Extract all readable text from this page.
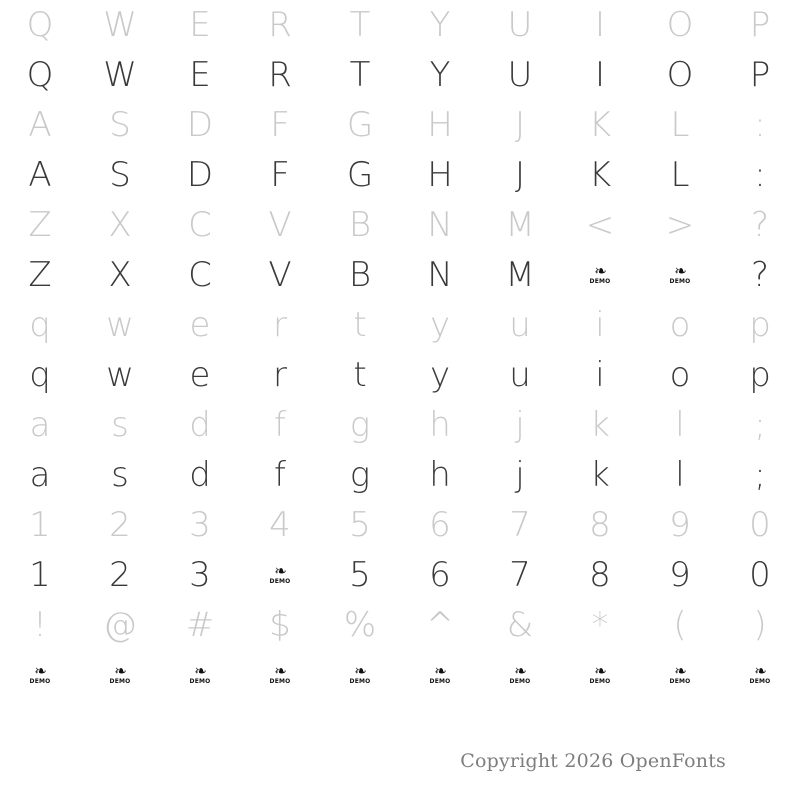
Q W E R T Y U I O P
Q W E R T Y U I O P
A S D F G H J K L :
A S D F G H J K L :
Z X C V B N M < > ?
Z X C V B N M	❧
DEMO
❧
DEMO ?
q w e r t y u i o p
q w e r t y u i o p
a s d f g h j k l ;
a s d f g h j k l ;
1 2 3 4 5 6 7 8 9 0
1 2 3	❧
DEMO 5 6 7 8 9 0
! @ # $ % ^ & * ( )
❧
DEMO
❧
DEMO
❧
DEMO
❧
DEMO
❧
DEMO
❧
DEMO
❧
DEMO
❧
DEMO
❧
DEMO
❧
DEMO
Copyright 2026 OpenFonts
